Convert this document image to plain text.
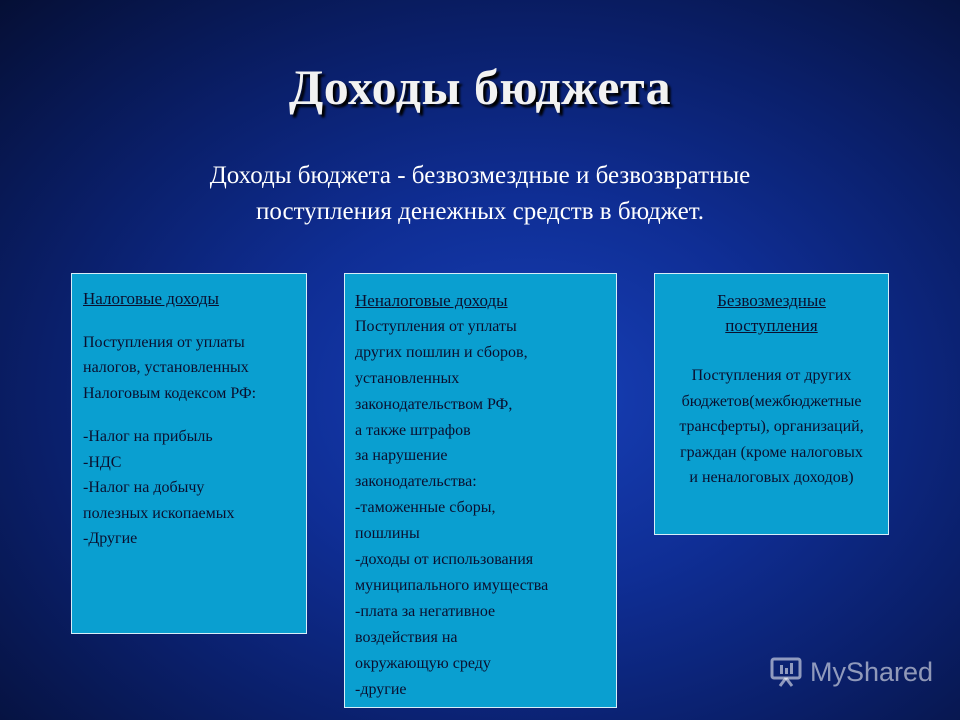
Доходы бюджета
Доходы бюджета - безвозмездные и безвозвратные
поступления денежных средств в бюджет.
Налоговые доходы
Поступления от уплаты
налогов, установленных
Налоговым кодексом РФ:
-Налог на прибыль
-НДС
-Налог на добычу
полезных ископаемых
-Другие
Неналоговые доходы
Поступления от уплаты
других пошлин и сборов,
установленных
законодательством РФ,
а также штрафов
за нарушение
законодательства:
-таможенные сборы,
пошлины
-доходы от использования
муниципального имущества
-плата за негативное
воздействия на
окружающую среду
-другие
Безвозмездные
поступления
Поступления от других
бюджетов(межбюджетные
трансферты), организаций,
граждан (кроме налоговых
и неналоговых доходов)
MyShared
